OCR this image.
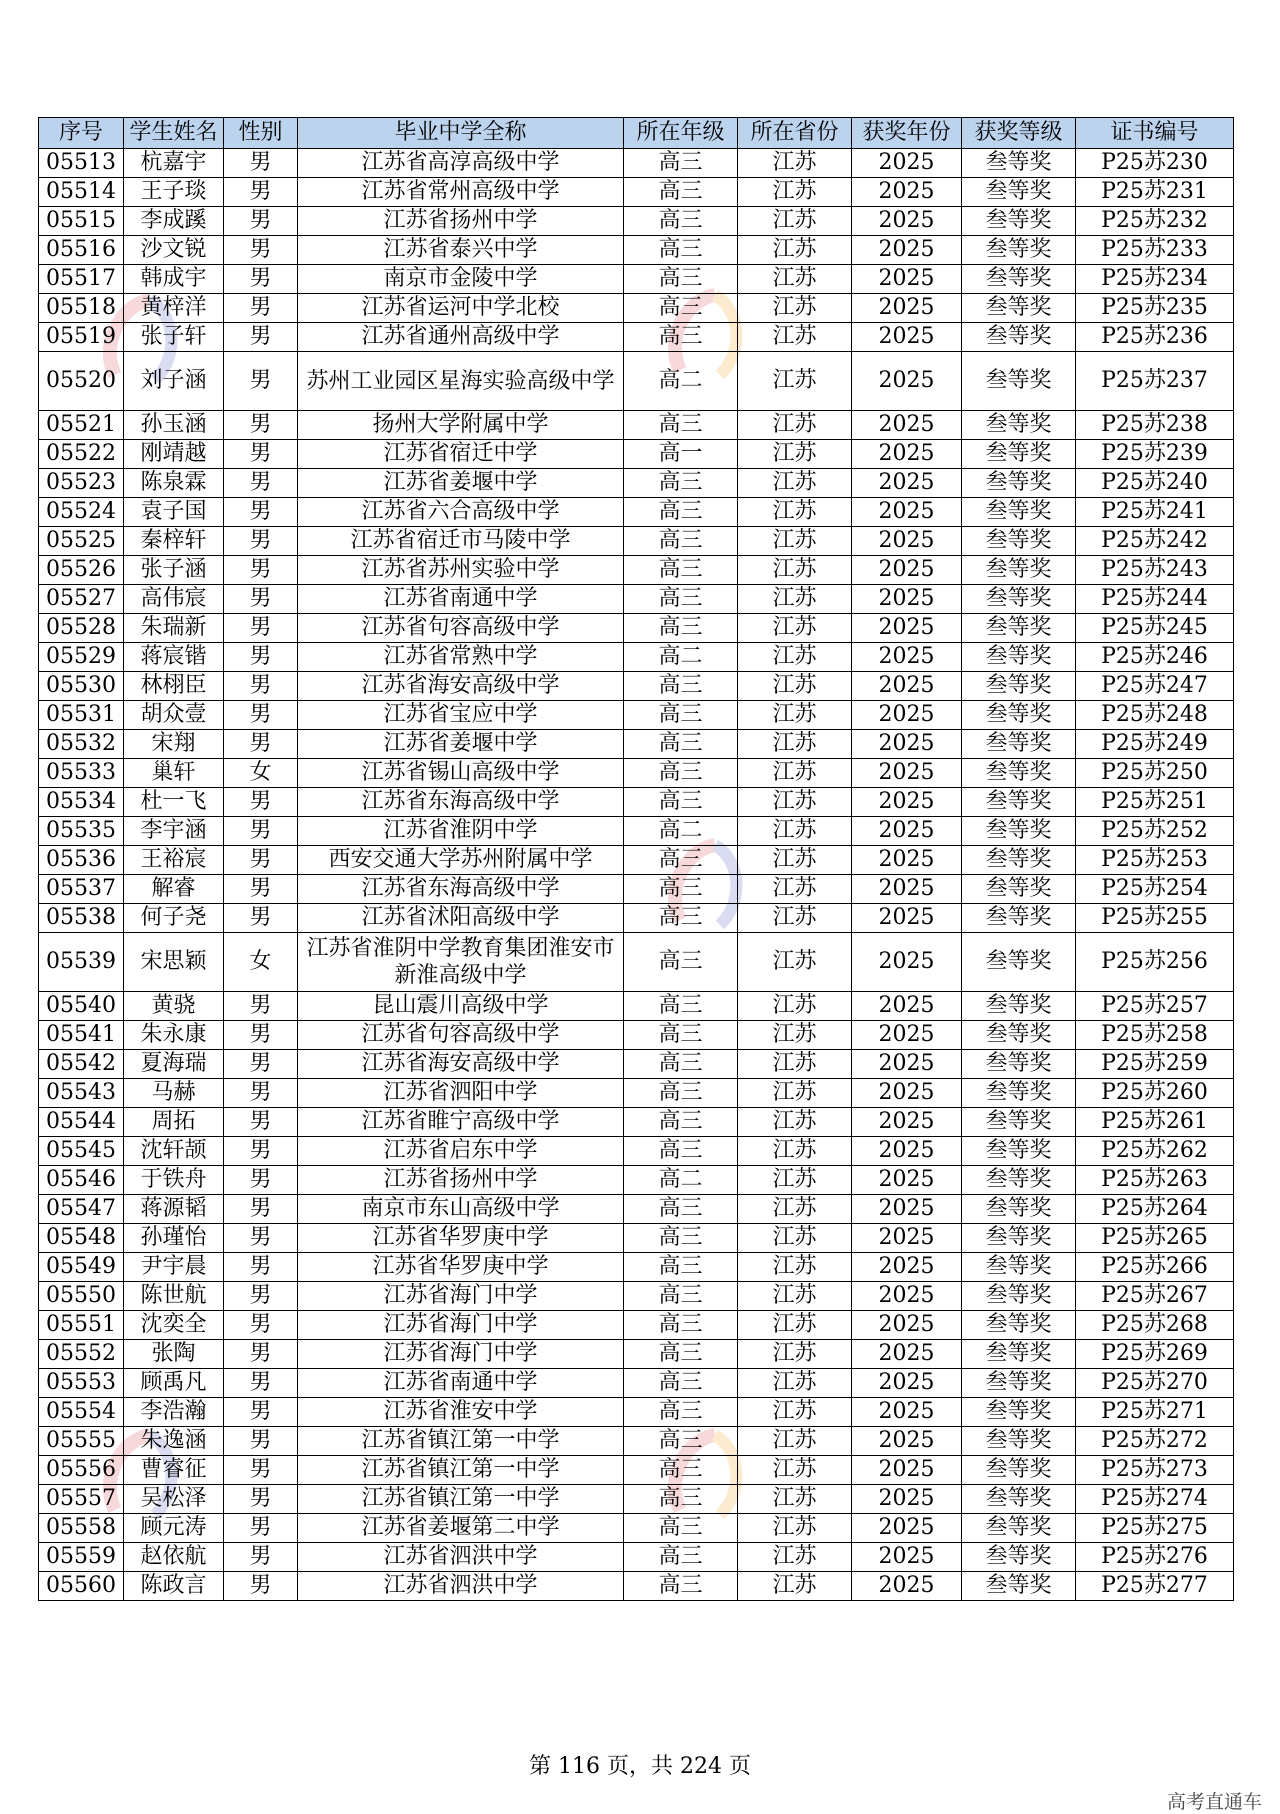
序号	学生姓名	性别	毕业中学全称	所在年级	所在省份	获奖年份	获奖等级	证书编号
05513	杭嘉宇	男	江苏省高淳高级中学	高三	江苏	2025	叁等奖	P25苏230
05514	王子琰	男	江苏省常州高级中学	高三	江苏	2025	叁等奖	P25苏231
05515	李成蹊	男	江苏省扬州中学	高三	江苏	2025	叁等奖	P25苏232
05516	沙文锐	男	江苏省泰兴中学	高三	江苏	2025	叁等奖	P25苏233
05517	韩成宇	男	南京市金陵中学	高三	江苏	2025	叁等奖	P25苏234
05518	黄梓洋	男	江苏省运河中学北校	高三	江苏	2025	叁等奖	P25苏235
05519	张子轩	男	江苏省通州高级中学	高三	江苏	2025	叁等奖	P25苏236
05520	刘子涵	男	苏州工业园区星海实验高级中学	高二	江苏	2025	叁等奖	P25苏237
05521	孙玉涵	男	扬州大学附属中学	高三	江苏	2025	叁等奖	P25苏238
05522	刚靖越	男	江苏省宿迁中学	高一	江苏	2025	叁等奖	P25苏239
05523	陈泉霖	男	江苏省姜堰中学	高三	江苏	2025	叁等奖	P25苏240
05524	袁子国	男	江苏省六合高级中学	高三	江苏	2025	叁等奖	P25苏241
05525	秦梓轩	男	江苏省宿迁市马陵中学	高三	江苏	2025	叁等奖	P25苏242
05526	张子涵	男	江苏省苏州实验中学	高三	江苏	2025	叁等奖	P25苏243
05527	高伟宸	男	江苏省南通中学	高三	江苏	2025	叁等奖	P25苏244
05528	朱瑞新	男	江苏省句容高级中学	高三	江苏	2025	叁等奖	P25苏245
05529	蒋宸锴	男	江苏省常熟中学	高二	江苏	2025	叁等奖	P25苏246
05530	林栩臣	男	江苏省海安高级中学	高三	江苏	2025	叁等奖	P25苏247
05531	胡众壹	男	江苏省宝应中学	高三	江苏	2025	叁等奖	P25苏248
05532	宋翔	男	江苏省姜堰中学	高三	江苏	2025	叁等奖	P25苏249
05533	巢轩	女	江苏省锡山高级中学	高三	江苏	2025	叁等奖	P25苏250
05534	杜一飞	男	江苏省东海高级中学	高三	江苏	2025	叁等奖	P25苏251
05535	李宇涵	男	江苏省淮阴中学	高二	江苏	2025	叁等奖	P25苏252
05536	王裕宸	男	西安交通大学苏州附属中学	高三	江苏	2025	叁等奖	P25苏253
05537	解睿	男	江苏省东海高级中学	高三	江苏	2025	叁等奖	P25苏254
05538	何子尧	男	江苏省沭阳高级中学	高三	江苏	2025	叁等奖	P25苏255
05539	宋思颖	女	江苏省淮阴中学教育集团淮安市新淮高级中学	高三	江苏	2025	叁等奖	P25苏256
05540	黄骁	男	昆山震川高级中学	高三	江苏	2025	叁等奖	P25苏257
05541	朱永康	男	江苏省句容高级中学	高三	江苏	2025	叁等奖	P25苏258
05542	夏海瑞	男	江苏省海安高级中学	高三	江苏	2025	叁等奖	P25苏259
05543	马赫	男	江苏省泗阳中学	高三	江苏	2025	叁等奖	P25苏260
05544	周拓	男	江苏省睢宁高级中学	高三	江苏	2025	叁等奖	P25苏261
05545	沈轩颉	男	江苏省启东中学	高三	江苏	2025	叁等奖	P25苏262
05546	于铁舟	男	江苏省扬州中学	高二	江苏	2025	叁等奖	P25苏263
05547	蒋源韬	男	南京市东山高级中学	高三	江苏	2025	叁等奖	P25苏264
05548	孙瑾怡	男	江苏省华罗庚中学	高三	江苏	2025	叁等奖	P25苏265
05549	尹宇晨	男	江苏省华罗庚中学	高三	江苏	2025	叁等奖	P25苏266
05550	陈世航	男	江苏省海门中学	高三	江苏	2025	叁等奖	P25苏267
05551	沈奕全	男	江苏省海门中学	高三	江苏	2025	叁等奖	P25苏268
05552	张陶	男	江苏省海门中学	高三	江苏	2025	叁等奖	P25苏269
05553	顾禹凡	男	江苏省南通中学	高三	江苏	2025	叁等奖	P25苏270
05554	李浩瀚	男	江苏省淮安中学	高三	江苏	2025	叁等奖	P25苏271
05555	朱逸涵	男	江苏省镇江第一中学	高三	江苏	2025	叁等奖	P25苏272
05556	曹睿征	男	江苏省镇江第一中学	高三	江苏	2025	叁等奖	P25苏273
05557	吴松泽	男	江苏省镇江第一中学	高三	江苏	2025	叁等奖	P25苏274
05558	顾元涛	男	江苏省姜堰第二中学	高三	江苏	2025	叁等奖	P25苏275
05559	赵依航	男	江苏省泗洪中学	高三	江苏	2025	叁等奖	P25苏276
05560	陈政言	男	江苏省泗洪中学	高三	江苏	2025	叁等奖	P25苏277
第 116 页，共 224 页
高考直通车
